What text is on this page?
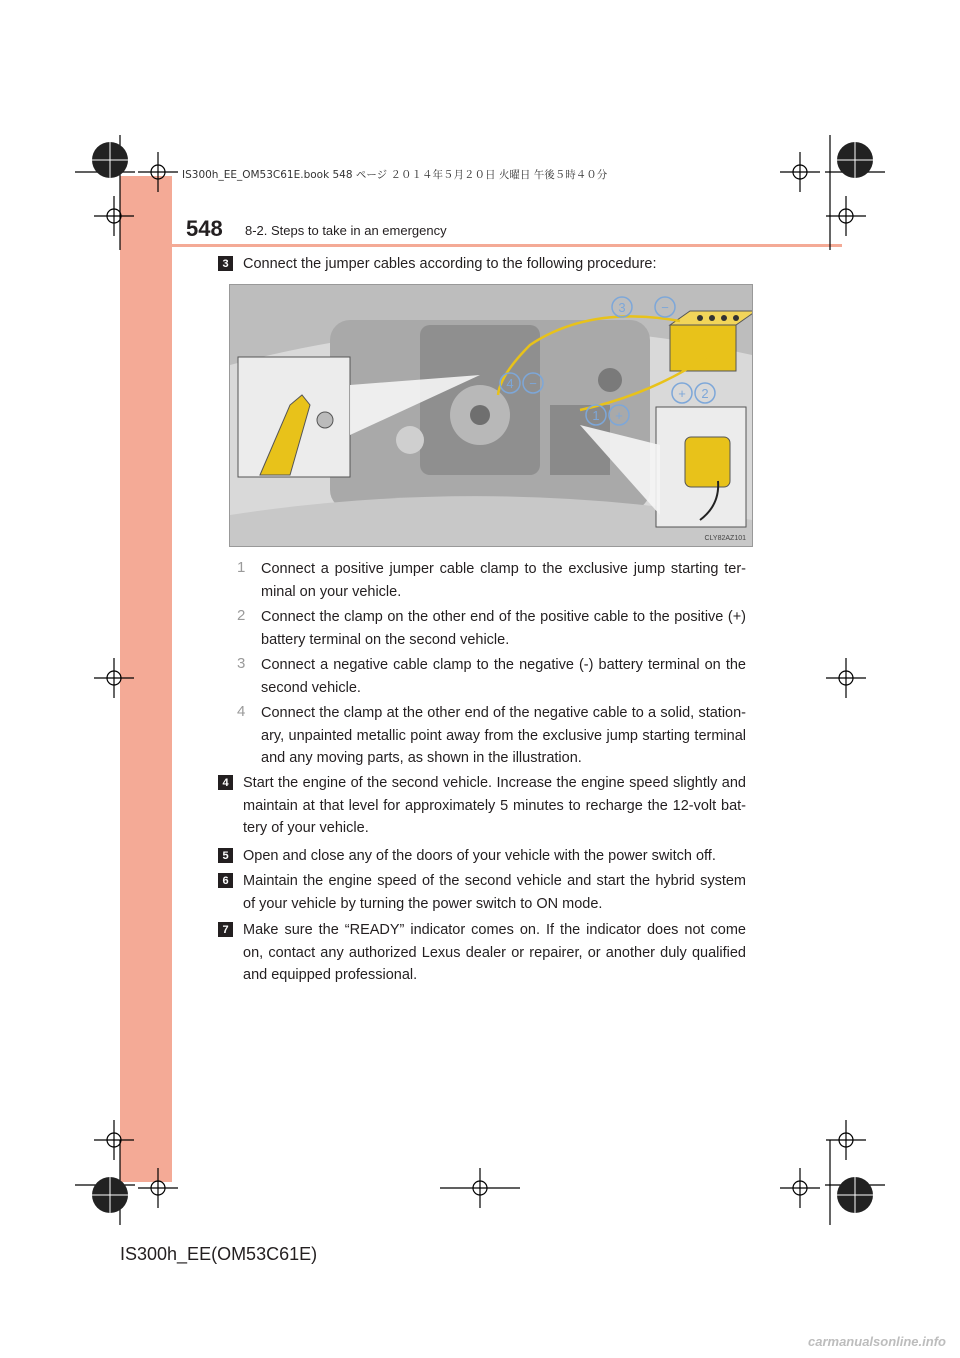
IS300h_EE_OM53C61E.book 548 ページ ２０１４年５月２０日 火曜日 午後５時４０分
548 8-2. Steps to take in an emergency
3 Connect the jumper cables according to the following procedure:
1
2
3
4
+
+
−
−
CLY82AZ101
1 Connect a positive jumper cable clamp to the exclusive jump starting ter-minal on your vehicle.
2 Connect the clamp on the other end of the positive cable to the positive (+) battery terminal on the second vehicle.
3 Connect a negative cable clamp to the negative (-) battery terminal on the second vehicle.
4 Connect the clamp at the other end of the negative cable to a solid, station-ary, unpainted metallic point away from the exclusive jump starting terminal and any moving parts, as shown in the illustration.
4 Start the engine of the second vehicle. Increase the engine speed slightly and maintain at that level for approximately 5 minutes to recharge the 12-volt bat-tery of your vehicle.
5 Open and close any of the doors of your vehicle with the power switch off.
6 Maintain the engine speed of the second vehicle and start the hybrid system of your vehicle by turning the power switch to ON mode.
7 Make sure the “READY” indicator comes on. If the indicator does not come on, contact any authorized Lexus dealer or repairer, or another duly qualified and equipped professional.
IS300h_EE(OM53C61E)
carmanualsonline.info
